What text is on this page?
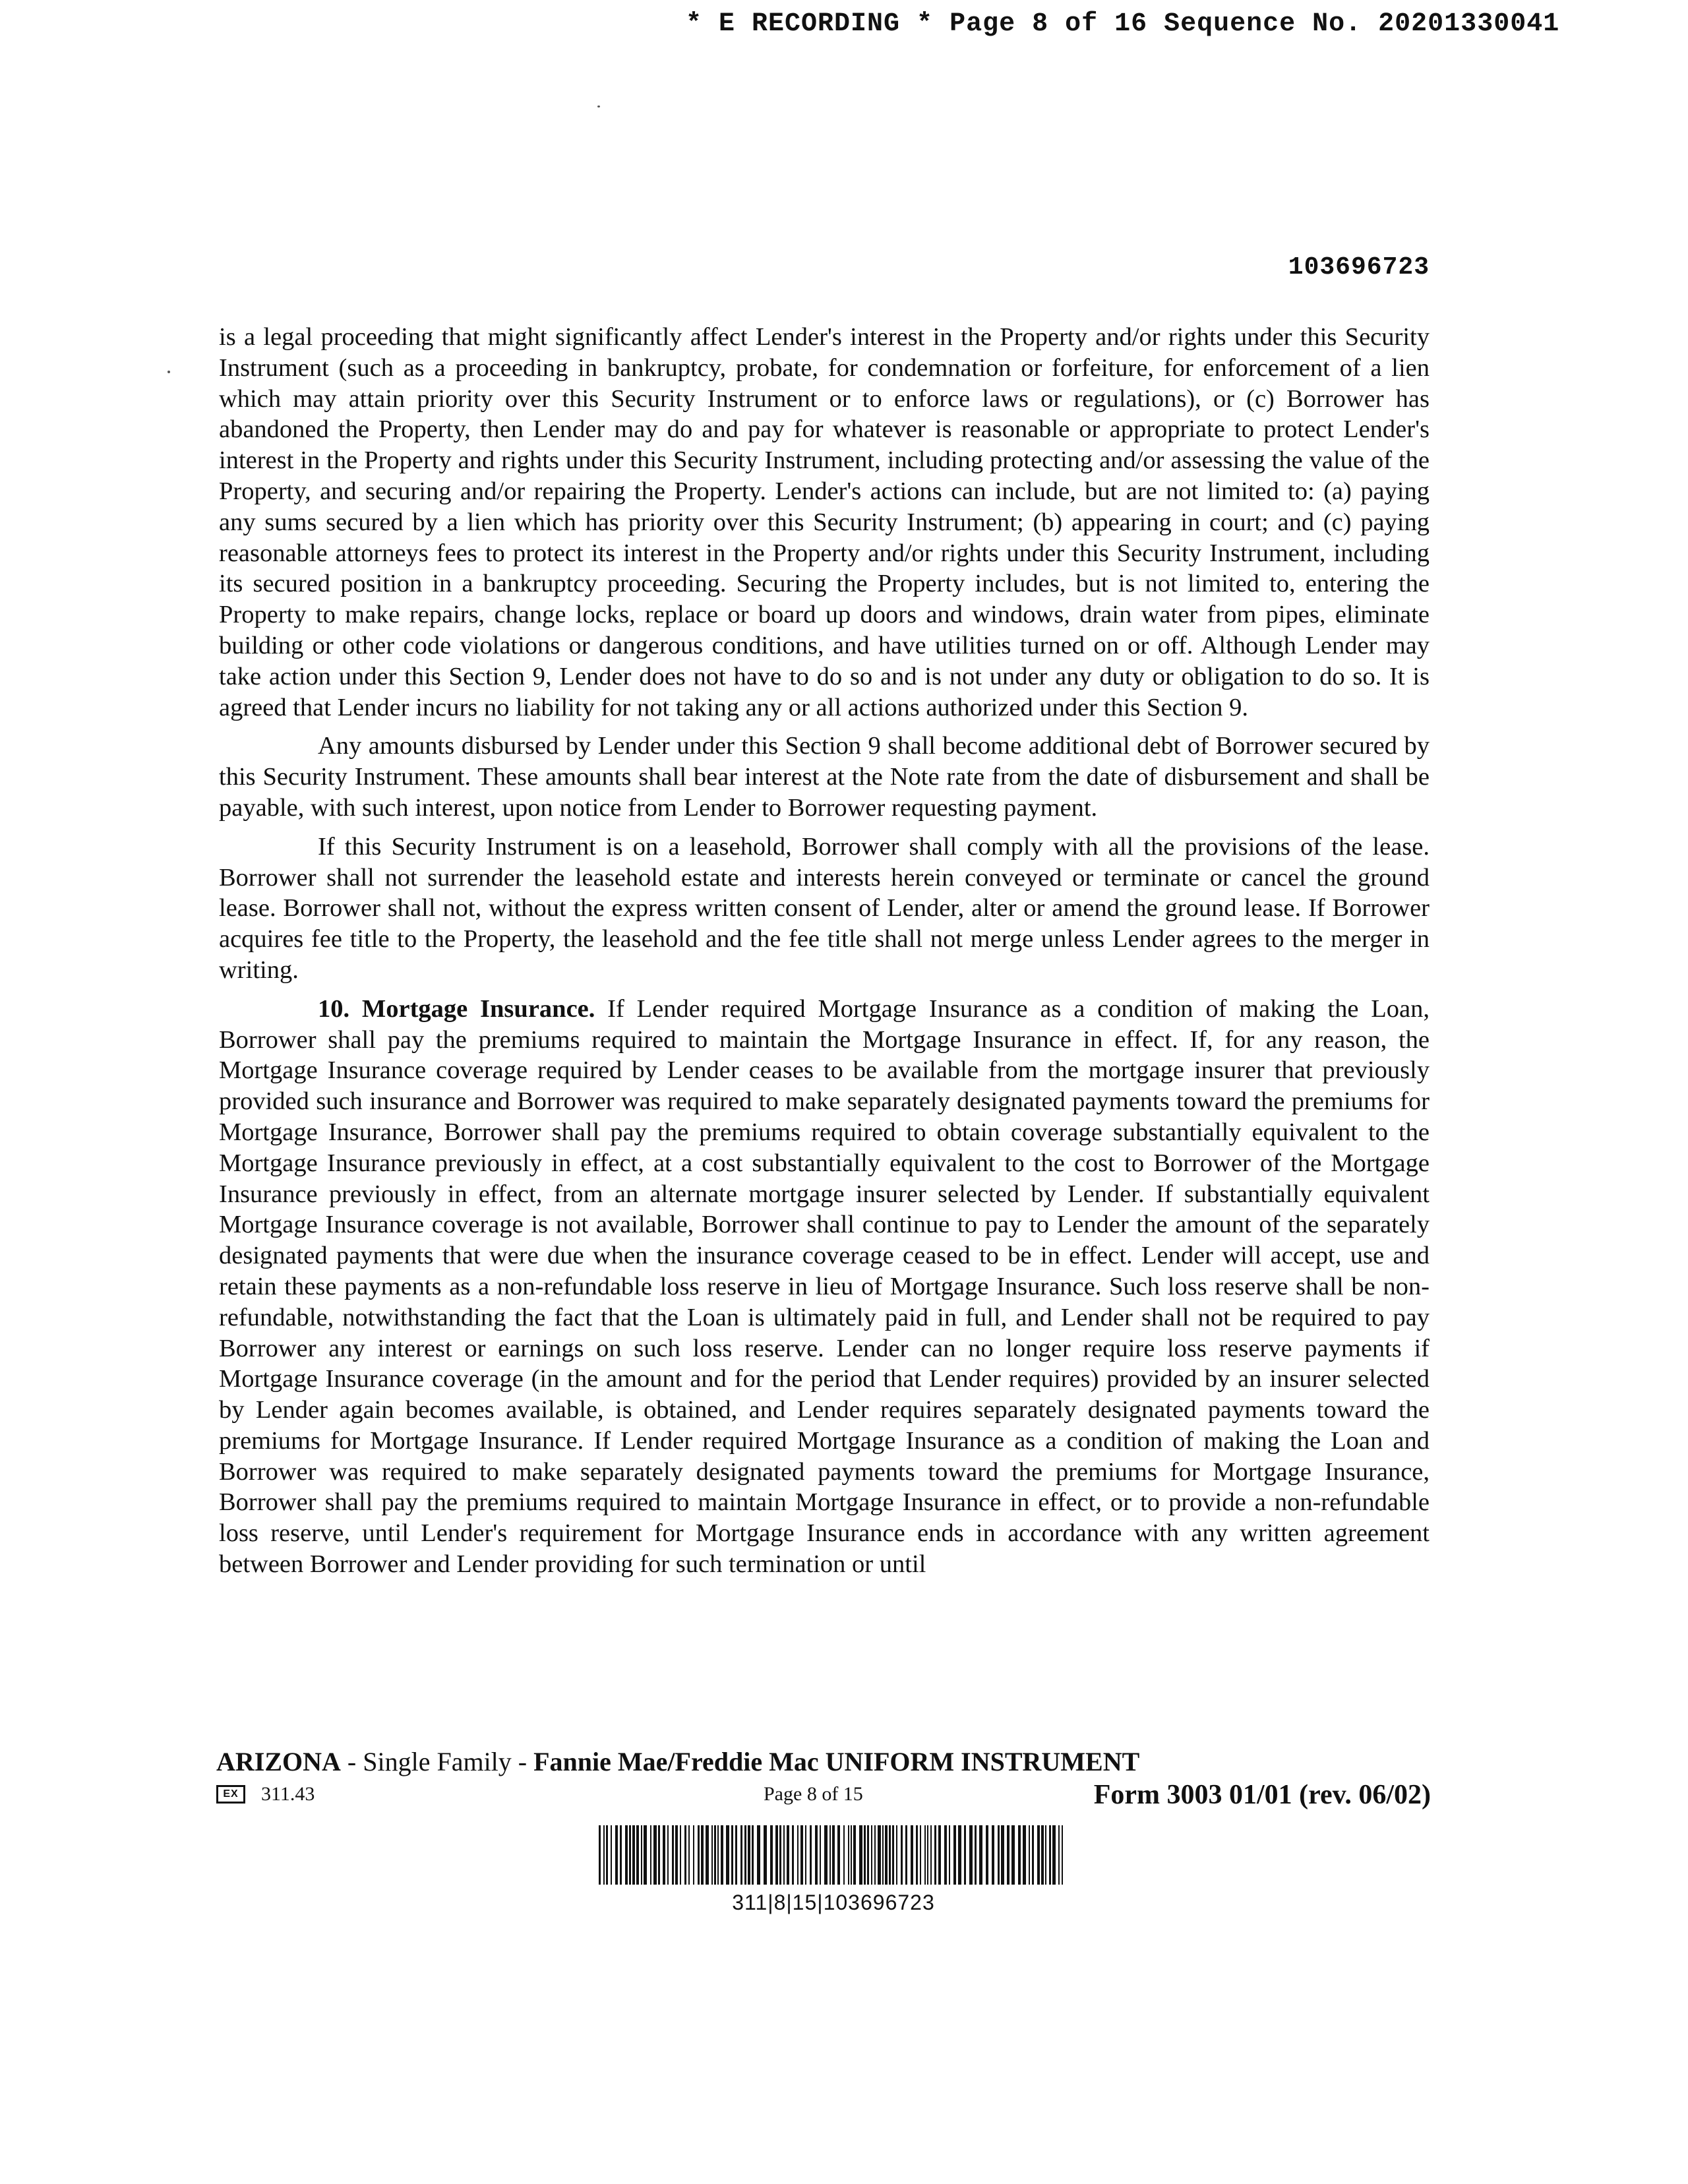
* E RECORDING * Page 8 of 16 Sequence No. 20201330041
103696723

is a legal proceeding that might significantly affect Lender's interest in the Property and/or rights under this Security Instrument (such as a proceeding in bankruptcy, probate, for condemnation or forfeiture, for enforcement of a lien which may attain priority over this Security Instrument or to enforce laws or regulations), or (c) Borrower has abandoned the Property, then Lender may do and pay for whatever is reasonable or appropriate to protect Lender's interest in the Property and rights under this Security Instrument, including protecting and/or assessing the value of the Property, and securing and/or repairing the Property. Lender's actions can include, but are not limited to: (a) paying any sums secured by a lien which has priority over this Security Instrument; (b) appearing in court; and (c) paying reasonable attorneys fees to protect its interest in the Property and/or rights under this Security Instrument, including its secured position in a bankruptcy proceeding. Securing the Property includes, but is not limited to, entering the Property to make repairs, change locks, replace or board up doors and windows, drain water from pipes, eliminate building or other code violations or dangerous conditions, and have utilities turned on or off. Although Lender may take action under this Section 9, Lender does not have to do so and is not under any duty or obligation to do so. It is agreed that Lender incurs no liability for not taking any or all actions authorized under this Section 9.

Any amounts disbursed by Lender under this Section 9 shall become additional debt of Borrower secured by this Security Instrument. These amounts shall bear interest at the Note rate from the date of disbursement and shall be payable, with such interest, upon notice from Lender to Borrower requesting payment.

If this Security Instrument is on a leasehold, Borrower shall comply with all the provisions of the lease. Borrower shall not surrender the leasehold estate and interests herein conveyed or terminate or cancel the ground lease. Borrower shall not, without the express written consent of Lender, alter or amend the ground lease. If Borrower acquires fee title to the Property, the leasehold and the fee title shall not merge unless Lender agrees to the merger in writing.

10. Mortgage Insurance. If Lender required Mortgage Insurance as a condition of making the Loan, Borrower shall pay the premiums required to maintain the Mortgage Insurance in effect. If, for any reason, the Mortgage Insurance coverage required by Lender ceases to be available from the mortgage insurer that previously provided such insurance and Borrower was required to make separately designated payments toward the premiums for Mortgage Insurance, Borrower shall pay the premiums required to obtain coverage substantially equivalent to the Mortgage Insurance previously in effect, at a cost substantially equivalent to the cost to Borrower of the Mortgage Insurance previously in effect, from an alternate mortgage insurer selected by Lender. If substantially equivalent Mortgage Insurance coverage is not available, Borrower shall continue to pay to Lender the amount of the separately designated payments that were due when the insurance coverage ceased to be in effect. Lender will accept, use and retain these payments as a non-refundable loss reserve in lieu of Mortgage Insurance. Such loss reserve shall be non-refundable, notwithstanding the fact that the Loan is ultimately paid in full, and Lender shall not be required to pay Borrower any interest or earnings on such loss reserve. Lender can no longer require loss reserve payments if Mortgage Insurance coverage (in the amount and for the period that Lender requires) provided by an insurer selected by Lender again becomes available, is obtained, and Lender requires separately designated payments toward the premiums for Mortgage Insurance. If Lender required Mortgage Insurance as a condition of making the Loan and Borrower was required to make separately designated payments toward the premiums for Mortgage Insurance, Borrower shall pay the premiums required to maintain Mortgage Insurance in effect, or to provide a non-refundable loss reserve, until Lender's requirement for Mortgage Insurance ends in accordance with any written agreement between Borrower and Lender providing for such termination or until

ARIZONA - Single Family - Fannie Mae/Freddie Mac UNIFORM INSTRUMENT
EX	311.43	Page 8 of 15	Form 3003 01/01 (rev. 06/02)
311|8|15|103696723
